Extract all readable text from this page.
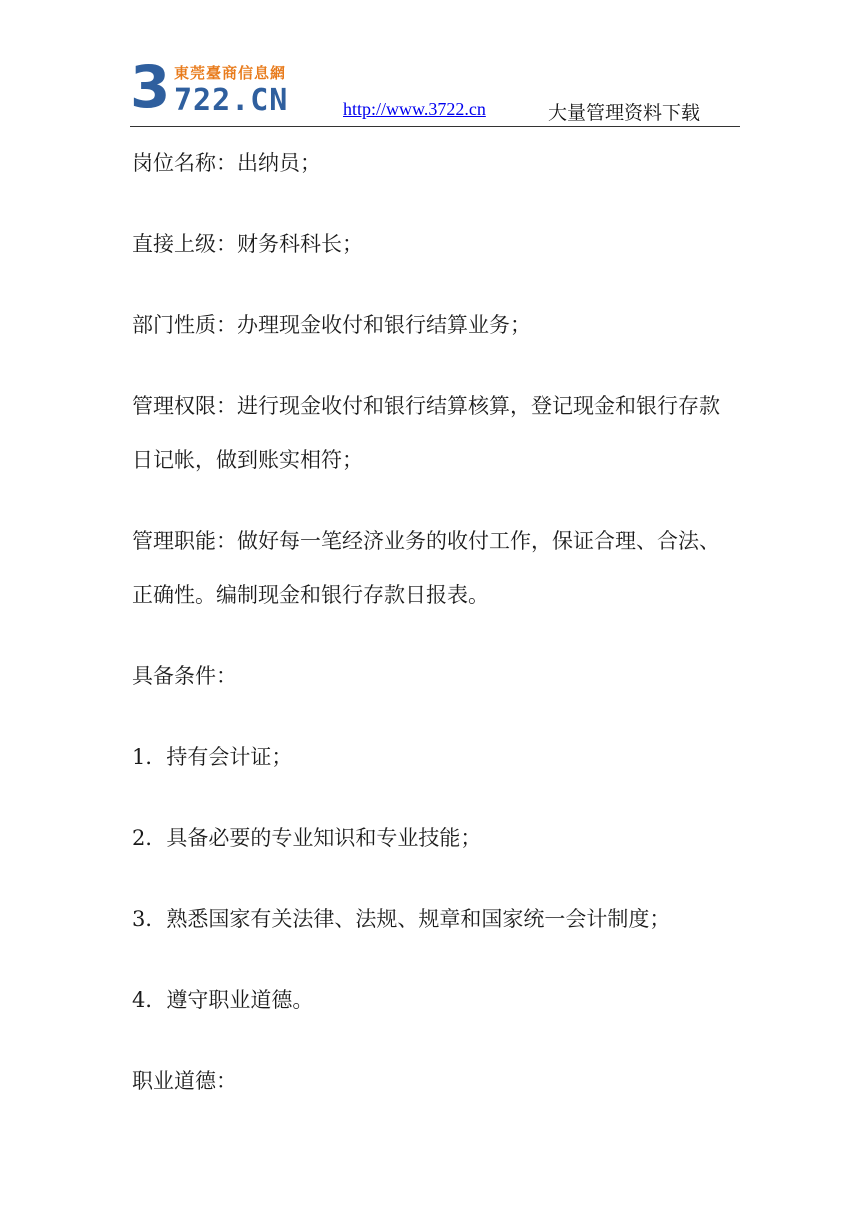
3 東莞臺商信息網
722.CN	http://www.3722.cn	大量管理资料下载

岗位名称：出纳员；

直接上级：财务科科长；

部门性质：办理现金收付和银行结算业务；

管理权限：进行现金收付和银行结算核算，登记现金和银行存款日记帐，做到账实相符；

管理职能：做好每一笔经济业务的收付工作，保证合理、合法、正确性。编制现金和银行存款日报表。

具备条件：

1．持有会计证；

2．具备必要的专业知识和专业技能；

3．熟悉国家有关法律、法规、规章和国家统一会计制度；

4．遵守职业道德。

职业道德：
